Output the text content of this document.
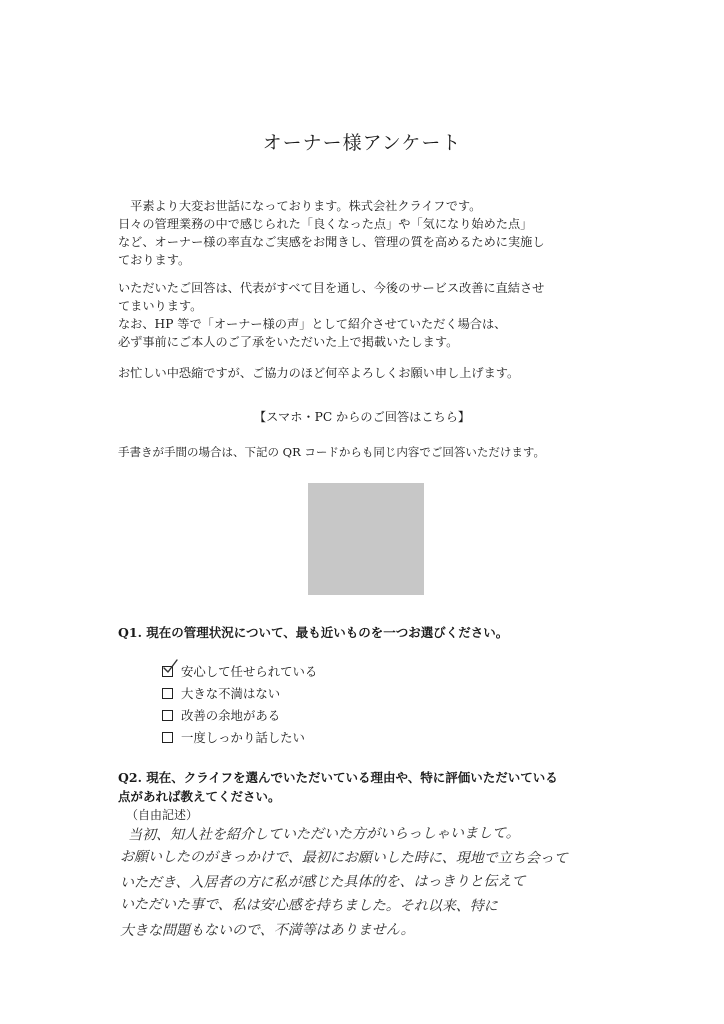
オーナー様アンケート
　平素より大変お世話になっております。株式会社クライフです。
日々の管理業務の中で感じられた「良くなった点」や「気になり始めた点」
など、オーナー様の率直なご実感をお聞きし、管理の質を高めるために実施し
ております。
いただいたご回答は、代表がすべて目を通し、今後のサービス改善に直結させ
てまいります。
なお、HP 等で「オーナー様の声」として紹介させていただく場合は、
必ず事前にご本人のご了承をいただいた上で掲載いたします。
お忙しい中恐縮ですが、ご協力のほど何卒よろしくお願い申し上げます。
【スマホ・PC からのご回答はこちら】
手書きが手間の場合は、下記の QR コードからも同じ内容でご回答いただけます。
Q1. 現在の管理状況について、最も近いものを一つお選びください。
安心して任せられている
大きな不満はない
改善の余地がある
一度しっかり話したい
Q2. 現在、クライフを選んでいただいている理由や、特に評価いただいている
点があれば教えてください。
（自由記述）
当初、知人社を紹介していただいた方がいらっしゃいまして。
お願いしたのがきっかけで、最初にお願いした時に、現地で立ち会って
いただき、入居者の方に私が感じた具体的を、はっきりと伝えて
いただいた事で、私は安心感を持ちました。それ以来、特に
大きな問題もないので、不満等はありません。
